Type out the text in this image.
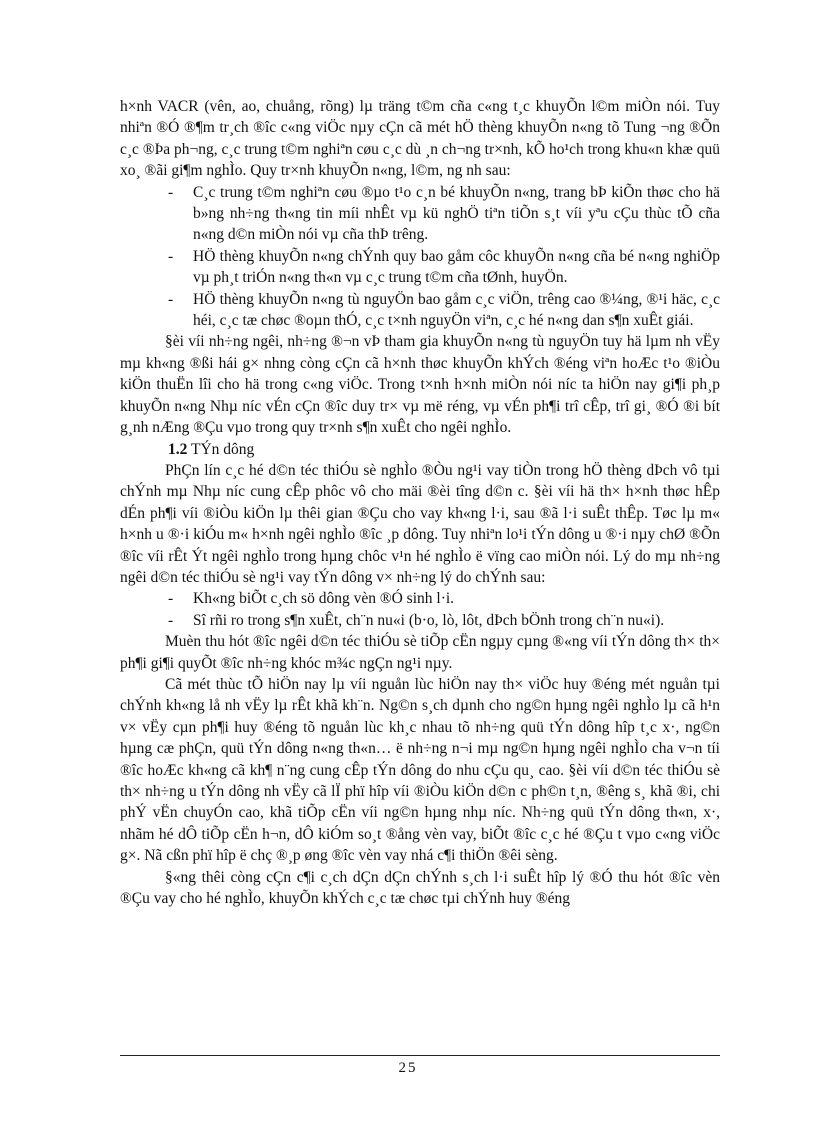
h×nh VACR (vên, ao, chuång, rõng) lµ träng t©m cña c«ng t¸c khuyÕn l©m miÒn nói. Tuy nhiªn ®Ó ®¶m tr¸ch ®îc c«ng viÖc nµy cÇn cã mét hÖ thèng khuyÕn n«ng tõ Tung ¬ng ®Õn c¸c ®Þa ph¬ng, c¸c trung t©m nghiªn cøu c¸c dù ¸n ch¬ng tr×nh, kÕ ho¹ch trong khu«n khæ quü xo¸ ®ãi gi¶m nghÌo. Quy tr×nh khuyÕn n«ng, l©m, ng nh sau:

- C¸c trung t©m nghiªn cøu ®µo t¹o c¸n bé khuyÕn n«ng, trang bÞ kiÕn thøc cho hä b»ng nh÷ng th«ng tin míi nhÊt vµ kü nghÖ tiªn tiÕn s¸t víi yªu cÇu thùc tÕ cña n«ng d©n miÒn nói vµ cña thÞ trêng.
- HÖ thèng khuyÕn n«ng chÝnh quy bao gåm côc khuyÕn n«ng cña bé n«ng nghiÖp vµ ph¸t triÓn n«ng th«n vµ c¸c trung t©m cña tØnh, huyÖn.
- HÖ thèng khuyÕn n«ng tù nguyÖn bao gåm c¸c viÖn, trêng cao ®¼ng, ®¹i häc, c¸c héi, c¸c tæ chøc ®oµn thÓ, c¸c t×nh nguyÖn viªn, c¸c hé n«ng dan s¶n xuÊt giái.

§èi víi nh÷ng ngêi, nh÷ng ®¬n vÞ tham gia khuyÕn n«ng tù nguyÖn tuy hä lµm nh vËy mµ kh«ng ®ßi hái g× nhng còng cÇn cã h×nh thøc khuyÕn khÝch ®éng viªn hoÆc t¹o ®iÒu kiÖn thuËn lîi cho hä trong c«ng viÖc. Trong t×nh h×nh miÒn nói níc ta hiÖn nay gi¶i ph¸p khuyÕn n«ng Nhµ níc vÉn cÇn ®îc duy tr× vµ më réng, vµ vÉn ph¶i trî cÊp, trî gi¸ ®Ó ®i bít g¸nh nÆng ®Çu vµo trong quy tr×nh s¶n xuÊt cho ngêi nghÌo.

1.2 TÝn dông

PhÇn lín c¸c hé d©n téc thiÓu sè nghÌo ®Òu ng¹i vay tiÒn trong hÖ thèng dÞch vô tµi chÝnh mµ Nhµ níc cung cÊp phôc vô cho mäi ®èi tîng d©n c. §èi víi hä th× h×nh thøc hÊp dÉn ph¶i víi ®iÒu kiÖn lµ thêi gian ®Çu cho vay kh«ng l·i, sau ®ã l·i suÊt thÊp. Tøc lµ m« h×nh u ®·i kiÓu m« h×nh ngêi nghÌo ®îc ¸p dông. Tuy nhiªn lo¹i tÝn dông u ®·i nµy chØ ®Õn ®îc víi rÊt Ýt ngêi nghÌo trong hµng chôc v¹n hé nghÌo ë vïng cao miÒn nói. Lý do mµ nh÷ng ngêi d©n téc thiÓu sè ng¹i vay tÝn dông v× nh÷ng lý do chÝnh sau:

- Kh«ng biÕt c¸ch sö dông vèn ®Ó sinh l·i.
- Sî rñi ro trong s¶n xuÊt, ch¨n nu«i (b·o, lò, lôt, dÞch bÖnh trong ch¨n nu«i).

Muèn thu hót ®îc ngêi d©n téc thiÓu sè tiÕp cËn ngµy cµng ®«ng víi tÝn dông th× th× ph¶i gi¶i quyÕt ®îc nh÷ng khóc m¾c ngÇn ng¹i nµy.

Cã mét thùc tÕ hiÖn nay lµ víi nguån lùc hiÖn nay th× viÖc huy ®éng mét nguån tµi chÝnh kh«ng lå nh vËy lµ rÊt khã kh¨n. Ng©n s¸ch dµnh cho ng©n hµng ngêi nghÌo lµ cã h¹n v× vËy cµn ph¶i huy ®éng tõ nguån lùc kh¸c nhau tõ nh÷ng quü tÝn dông hîp t¸c x·, ng©n hµng cæ phÇn, quü tÝn dông n«ng th«n… ë nh÷ng n¬i mµ ng©n hµng ngêi nghÌo cha v¬n tíi ®îc hoÆc kh«ng cã kh¶ n¨ng cung cÊp tÝn dông do nhu cÇu qu¸ cao. §èi víi d©n téc thiÓu sè th× nh÷ng u tÝn dông nh vËy cã lÏ phï hîp víi ®iÒu kiÖn d©n c ph©n t¸n, ®êng s¸ khã ®i, chi phÝ vËn chuyÓn cao, khã tiÕp cËn víi ng©n hµng nhµ níc. Nh÷ng quü tÝn dông th«n, x·, nhãm hé dÔ tiÕp cËn h¬n, dÔ kiÓm so¸t ®ång vèn vay, biÕt ®îc c¸c hé ®Çu t vµo c«ng viÖc g×. Nã cßn phï hîp ë chç ®¸p øng ®îc vèn vay nhá c¶i thiÖn ®êi sèng.

§«ng thêi còng cÇn c¶i c¸ch dÇn dÇn chÝnh s¸ch l·i suÊt hîp lý ®Ó thu hót ®îc vèn ®Çu vay cho hé nghÌo, khuyÕn khÝch c¸c tæ chøc tµi chÝnh huy ®éng

25
